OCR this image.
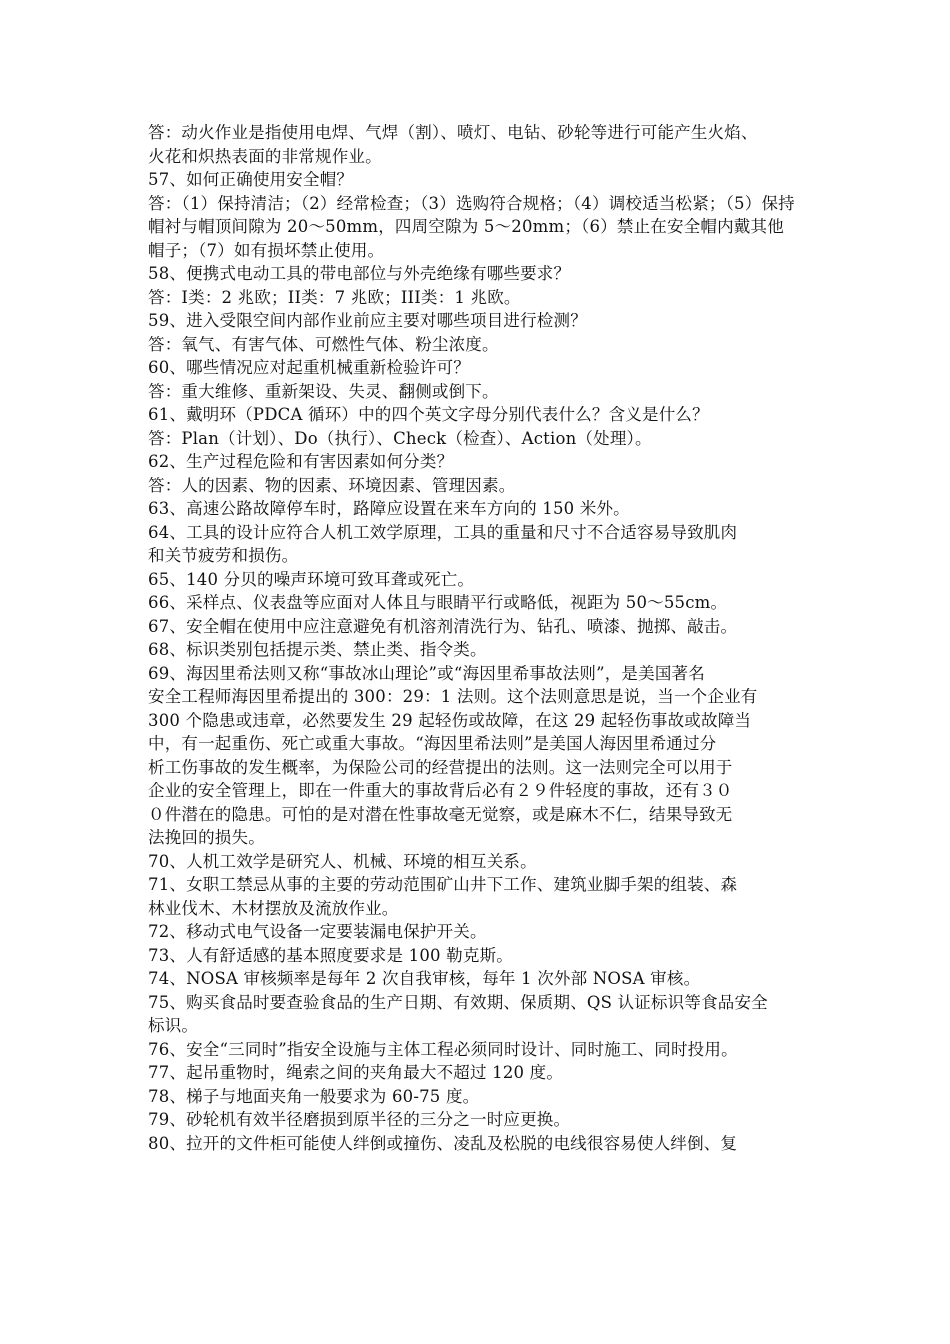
答：动火作业是指使用电焊、气焊（割）、喷灯、电钻、砂轮等进行可能产生火焰、
火花和炽热表面的非常规作业。
57、如何正确使用安全帽？
答：（1）保持清洁；（2）经常检查；（3）选购符合规格；（4）调校适当松紧；（5）保持
帽衬与帽顶间隙为 20～50mm，四周空隙为 5～20mm；（6）禁止在安全帽内戴其他
帽子；（7）如有损坏禁止使用。
58、便携式电动工具的带电部位与外壳绝缘有哪些要求？
答：Ⅰ类：2 兆欧；ⅠⅠ类：7 兆欧；ⅠⅠⅠ类：1 兆欧。
59、进入受限空间内部作业前应主要对哪些项目进行检测？
答：氧气、有害气体、可燃性气体、粉尘浓度。
60、哪些情况应对起重机械重新检验许可？
答：重大维修、重新架设、失灵、翻侧或倒下。
61、戴明环（PDCA 循环）中的四个英文字母分别代表什么？含义是什么？
答：Plan（计划）、Do（执行）、Check（检查）、Action（处理）。
62、生产过程危险和有害因素如何分类？
答：人的因素、物的因素、环境因素、管理因素。
63、高速公路故障停车时，路障应设置在来车方向的 150 米外。
64、工具的设计应符合人机工效学原理，工具的重量和尺寸不合适容易导致肌肉
和关节疲劳和损伤。
65、140 分贝的噪声环境可致耳聋或死亡。
66、采样点、仪表盘等应面对人体且与眼睛平行或略低，视距为 50～55cm。
67、安全帽在使用中应注意避免有机溶剂清洗行为、钻孔、喷漆、抛掷、敲击。
68、标识类别包括提示类、禁止类、指令类。
69、海因里希法则又称“事故冰山理论”或“海因里希事故法则”，是美国著名
安全工程师海因里希提出的 300：29：1 法则。这个法则意思是说，当一个企业有
300 个隐患或违章，必然要发生 29 起轻伤或故障，在这 29 起轻伤事故或故障当
中，有一起重伤、死亡或重大事故。“海因里希法则”是美国人海因里希通过分
析工伤事故的发生概率，为保险公司的经营提出的法则。这一法则完全可以用于
企业的安全管理上，即在一件重大的事故背后必有２９件轻度的事故，还有３０
０件潜在的隐患。可怕的是对潜在性事故毫无觉察，或是麻木不仁，结果导致无
法挽回的损失。
70、人机工效学是研究人、机械、环境的相互关系。
71、女职工禁忌从事的主要的劳动范围矿山井下工作、建筑业脚手架的组装、森
林业伐木、木材摆放及流放作业。
72、移动式电气设备一定要装漏电保护开关。
73、人有舒适感的基本照度要求是 100 勒克斯。
74、NOSA 审核频率是每年 2 次自我审核，每年 1 次外部 NOSA 审核。
75、购买食品时要查验食品的生产日期、有效期、保质期、QS 认证标识等食品安全
标识。
76、安全“三同时”指安全设施与主体工程必须同时设计、同时施工、同时投用。
77、起吊重物时，绳索之间的夹角最大不超过 120 度。
78、梯子与地面夹角一般要求为 60-75 度。
79、砂轮机有效半径磨损到原半径的三分之一时应更换。
80、拉开的文件柜可能使人绊倒或撞伤、凌乱及松脱的电线很容易使人绊倒、复
